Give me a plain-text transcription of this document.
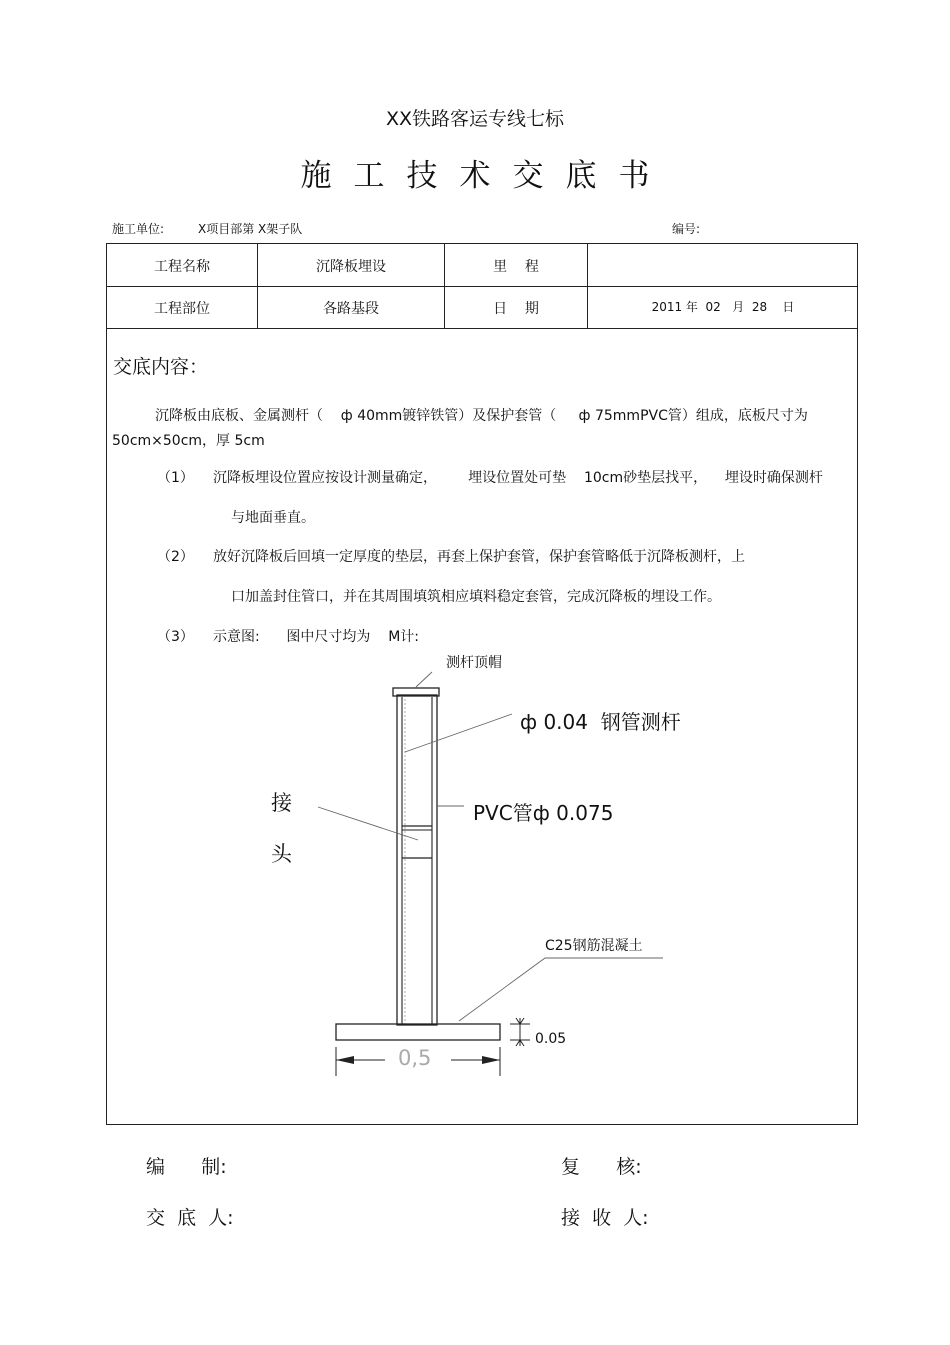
XX铁路客运专线七标
施工技术交底书
施工单位:	X项目部第 X架子队	编号:
工程名称	沉降板埋设	里    程
工程部位	各路基段	日    期	2011 年  02   月  28    日
交底内容：
沉降板由底板、金属测杆（    ф 40mm镀锌铁管）及保护套管（     ф 75mmPVC管）组成，底板尺寸为
50cm×50cm，厚 5cm
（1） 沉降板埋设位置应按设计测量确定，       埋设位置处可垫    10cm砂垫层找平，    埋设时确保测杆
与地面垂直。
（2） 放好沉降板后回填一定厚度的垫层，再套上保护套管，保护套管略低于沉降板测杆，上
口加盖封住管口，并在其周围填筑相应填料稳定套管，完成沉降板的埋设工作。
（3） 示意图:      图中尺寸均为    M计:
测杆顶帽
ф 0.04  钢管测杆
接
头
PVC管ф 0.075
C25钢筋混凝土
0.05
0,5
编      制:	复      核:
交  底  人:	接  收  人:
